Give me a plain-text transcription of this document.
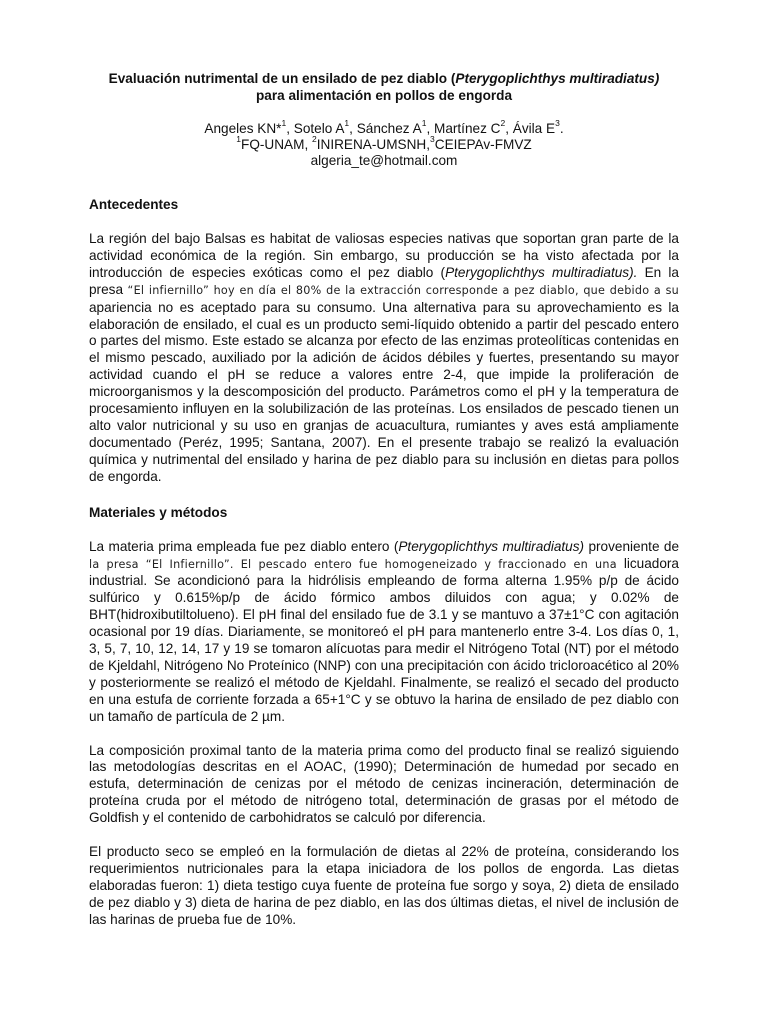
Evaluación nutrimental de un ensilado de pez diablo (Pterygoplichthys multiradiatus)
para alimentación en pollos de engorda
Angeles KN*$^1$, Sotelo $A^1$, Sánchez $A^1$, Martínez $C^2$, Ávila $E^3$.
$^1$FQ-UNAM, $^2$INIRENA-UMSNH,$^3$CEIEPAv-FMVZ
algeria_te@hotmail.com
Antecedentes

La región del bajo Balsas es habitat de valiosas especies nativas que soportan gran parte de la actividad económica de la región. Sin embargo, su producción se ha visto afectada por la introducción de especies exóticas como el pez diablo (Pterygoplichthys multiradiatus). En la presa “El infiernillo” hoy en día el 80% de la extracción corresponde a pez diablo, que debido a su apariencia no es aceptado para su consumo. Una alternativa para su aprovechamiento es la elaboración de ensilado, el cual es un producto semi-líquido obtenido a partir del pescado entero o partes del mismo. Este estado se alcanza por efecto de las enzimas proteolíticas contenidas en el mismo pescado, auxiliado por la adición de ácidos débiles y fuertes, presentando su mayor actividad cuando el pH se reduce a valores entre 2-4, que impide la proliferación de microorganismos y la descomposición del producto. Parámetros como el pH y la temperatura de procesamiento influyen en la solubilización de las proteínas. Los ensilados de pescado tienen un alto valor nutricional y su uso en granjas de acuacultura, rumiantes y aves está ampliamente documentado (Peréz, 1995; Santana, 2007). En el presente trabajo se realizó la evaluación química y nutrimental del ensilado y harina de pez diablo para su inclusión en dietas para pollos de engorda.

Materiales y métodos

La materia prima empleada fue pez diablo entero (Pterygoplichthys multiradiatus) proveniente de la presa “El Infiernillo”. El pescado entero fue homogeneizado y fraccionado en una licuadora industrial. Se acondicionó para la hidrólisis empleando de forma alterna 1.95% p/p de ácido sulfúrico y 0.615%p/p de ácido fórmico ambos diluidos con agua; y 0.02% de BHT(hidroxibutiltolueno). El pH final del ensilado fue de 3.1 y se mantuvo a 37±1°C con agitación ocasional por 19 días. Diariamente, se monitoreó el pH para mantenerlo entre 3-4. Los días 0, 1, 3, 5, 7, 10, 12, 14, 17 y 19 se tomaron alícuotas para medir el Nitrógeno Total (NT) por el método de Kjeldahl, Nitrógeno No Proteínico (NNP) con una precipitación con ácido tricloroacético al 20% y posteriormente se realizó el método de Kjeldahl. Finalmente, se realizó el secado del producto en una estufa de corriente forzada a 65+1°C y se obtuvo la harina de ensilado de pez diablo con un tamaño de partícula de 2 µm.

La composición proximal tanto de la materia prima como del producto final se realizó siguiendo las metodologías descritas en el AOAC, (1990); Determinación de humedad por secado en estufa, determinación de cenizas por el método de cenizas incineración, determinación de proteína cruda por el método de nitrógeno total, determinación de grasas por el método de Goldfish y el contenido de carbohidratos se calculó por diferencia.

El producto seco se empleó en la formulación de dietas al 22% de proteína, considerando los requerimientos nutricionales para la etapa iniciadora de los pollos de engorda. Las dietas elaboradas fueron: 1) dieta testigo cuya fuente de proteína fue sorgo y soya, 2) dieta de ensilado de pez diablo y 3) dieta de harina de pez diablo, en las dos últimas dietas, el nivel de inclusión de las harinas de prueba fue de 10%.
